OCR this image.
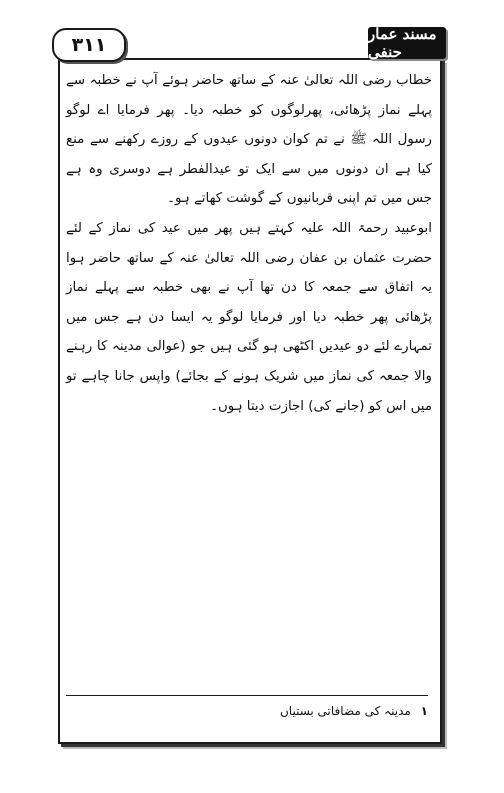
۳۱۱	مسند عمار حنفی

خطاب رضی اللہ تعالیٰ عنہ کے ساتھ حاضر ہوئے آپ نے خطبہ سے پہلے نماز پڑھائی، پھرلوگوں کو خطبہ دیا۔ پھر فرمایا اے لوگو رسول اللہ ﷺ نے تم کوان دونوں عیدوں کے روزے رکھنے سے منع کیا ہے ان دونوں میں سے ایک تو عیدالفطر ہے دوسری وہ ہے جس میں تم اپنی قربانیوں کے گوشت کھاتے ہو۔

ابوعبید رحمۃ اللہ علیہ کہتے ہیں پھر میں عید کی نماز کے لئے حضرت عثمان بن عفان رضی اللہ تعالیٰ عنہ کے ساتھ حاضر ہوا یہ اتفاق سے جمعہ کا دن تھا آپ نے بھی خطبہ سے پہلے نماز پڑھائی پھر خطبہ دیا اور فرمایا لوگو یہ ایسا دن ہے جس میں تمہارے لئے دو عیدیں اکٹھی ہو گئی ہیں جو (عوالی مدینہ کا رہنے والا جمعہ کی نماز میں شریک ہونے کے بجائے) واپس جانا چاہے تو میں اس کو (جانے کی) اجازت دیتا ہوں۔

۱ مدینہ کی مضافاتی بستیاں
